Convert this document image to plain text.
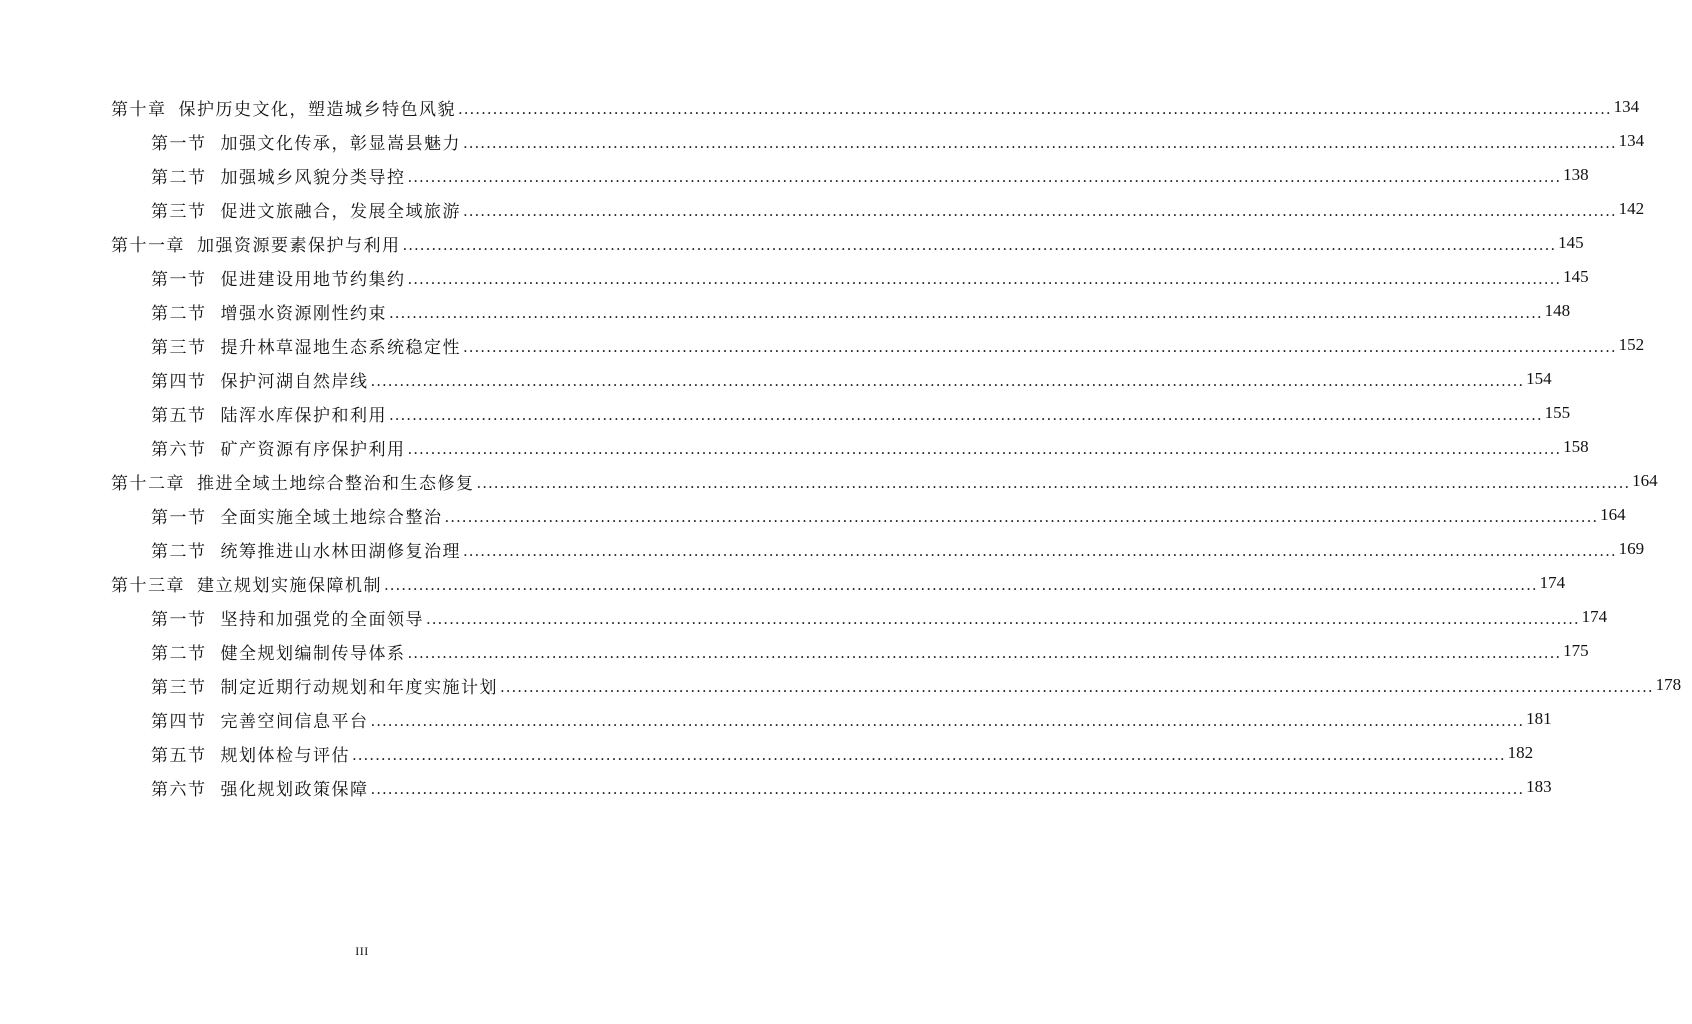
第十章 保护历史文化，塑造城乡特色风貌 ........................................................................................................................................................................................................ 134
第一节 加强文化传承，彰显嵩县魅力 ........................................................................................................................................................................................................ 134
第二节 加强城乡风貌分类导控 ........................................................................................................................................................................................................ 138
第三节 促进文旅融合，发展全域旅游 ........................................................................................................................................................................................................ 142
第十一章 加强资源要素保护与利用 ........................................................................................................................................................................................................ 145
第一节 促进建设用地节约集约 ........................................................................................................................................................................................................ 145
第二节 增强水资源刚性约束 ........................................................................................................................................................................................................ 148
第三节 提升林草湿地生态系统稳定性 ........................................................................................................................................................................................................ 152
第四节 保护河湖自然岸线 ........................................................................................................................................................................................................ 154
第五节 陆浑水库保护和利用 ........................................................................................................................................................................................................ 155
第六节 矿产资源有序保护利用 ........................................................................................................................................................................................................ 158
第十二章 推进全域土地综合整治和生态修复 ........................................................................................................................................................................................................ 164
第一节 全面实施全域土地综合整治 ........................................................................................................................................................................................................ 164
第二节 统筹推进山水林田湖修复治理 ........................................................................................................................................................................................................ 169
第十三章 建立规划实施保障机制 ........................................................................................................................................................................................................ 174
第一节 坚持和加强党的全面领导 ........................................................................................................................................................................................................ 174
第二节 健全规划编制传导体系 ........................................................................................................................................................................................................ 175
第三节 制定近期行动规划和年度实施计划 ........................................................................................................................................................................................................ 178
第四节 完善空间信息平台 ........................................................................................................................................................................................................ 181
第五节 规划体检与评估 ........................................................................................................................................................................................................ 182
第六节 强化规划政策保障 ........................................................................................................................................................................................................ 183
III
